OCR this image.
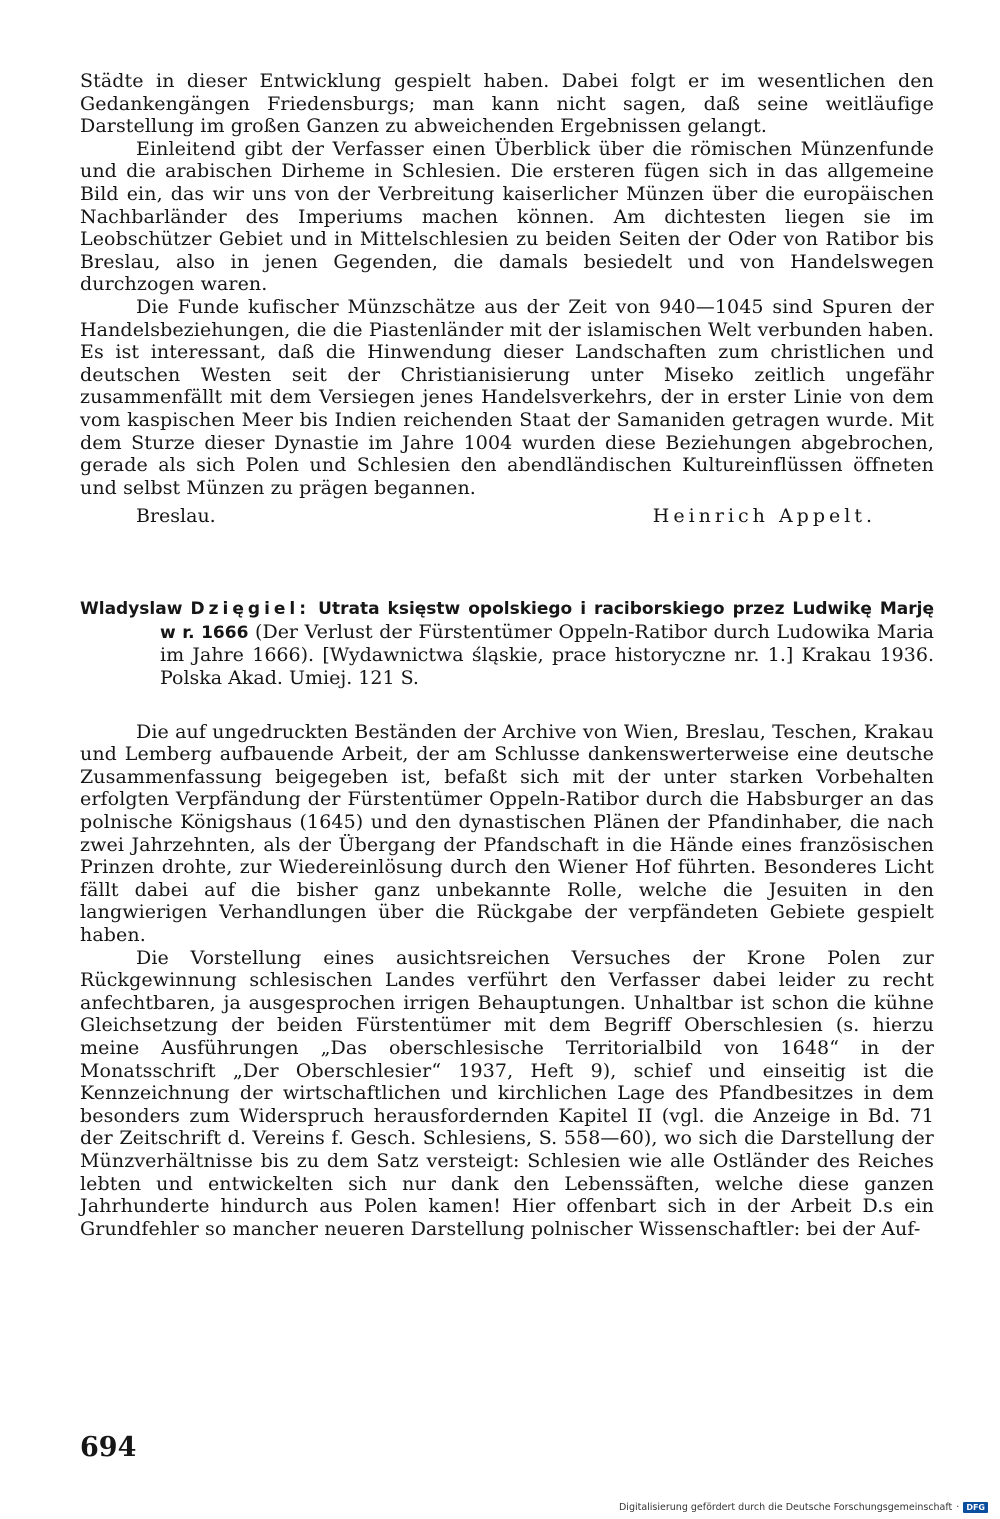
Städte in dieser Entwicklung gespielt haben. Dabei folgt er im wesentlichen den Gedankengängen Friedensburgs; man kann nicht sagen, daß seine weitläufige Darstellung im großen Ganzen zu abweichenden Ergebnissen gelangt.

Einleitend gibt der Verfasser einen Überblick über die römischen Münzenfunde und die arabischen Dirheme in Schlesien. Die ersteren fügen sich in das allgemeine Bild ein, das wir uns von der Verbreitung kaiserlicher Münzen über die europäischen Nachbarländer des Imperiums machen können. Am dichtesten liegen sie im Leobschützer Gebiet und in Mittelschlesien zu beiden Seiten der Oder von Ratibor bis Breslau, also in jenen Gegenden, die damals besiedelt und von Handelswegen durchzogen waren.

Die Funde kufischer Münzschätze aus der Zeit von 940—1045 sind Spuren der Handelsbeziehungen, die die Piastenländer mit der islamischen Welt verbunden haben. Es ist interessant, daß die Hinwendung dieser Landschaften zum christlichen und deutschen Westen seit der Christianisierung unter Miseko zeitlich ungefähr zusammenfällt mit dem Versiegen jenes Handelsverkehrs, der in erster Linie von dem vom kaspischen Meer bis Indien reichenden Staat der Samaniden getragen wurde. Mit dem Sturze dieser Dynastie im Jahre 1004 wurden diese Beziehungen abgebrochen, gerade als sich Polen und Schlesien den abendländischen Kultureinflüssen öffneten und selbst Münzen zu prägen begannen.

Breslau.	Heinrich Appelt.

Wladyslaw Dzięgiel: Utrata księstw opolskiego i raciborskiego przez Ludwikę Marję w r. 1666 (Der Verlust der Fürstentümer Oppeln-Ratibor durch Ludowika Maria im Jahre 1666). [Wydawnictwa śląskie, prace historyczne nr. 1.] Krakau 1936. Polska Akad. Umiej. 121 S.

Die auf ungedruckten Beständen der Archive von Wien, Breslau, Teschen, Krakau und Lemberg aufbauende Arbeit, der am Schlusse dankenswerterweise eine deutsche Zusammenfassung beigegeben ist, befaßt sich mit der unter starken Vorbehalten erfolgten Verpfändung der Fürstentümer Oppeln-Ratibor durch die Habsburger an das polnische Königshaus (1645) und den dynastischen Plänen der Pfandinhaber, die nach zwei Jahrzehnten, als der Übergang der Pfandschaft in die Hände eines französischen Prinzen drohte, zur Wiedereinlösung durch den Wiener Hof führten. Besonderes Licht fällt dabei auf die bisher ganz unbekannte Rolle, welche die Jesuiten in den langwierigen Verhandlungen über die Rückgabe der verpfändeten Gebiete gespielt haben.

Die Vorstellung eines ausichtsreichen Versuches der Krone Polen zur Rückgewinnung schlesischen Landes verführt den Verfasser dabei leider zu recht anfechtbaren, ja ausgesprochen irrigen Behauptungen. Unhaltbar ist schon die kühne Gleichsetzung der beiden Fürstentümer mit dem Begriff Oberschlesien (s. hierzu meine Ausführungen „Das oberschlesische Territorialbild von 1648“ in der Monatsschrift „Der Oberschlesier“ 1937, Heft 9), schief und einseitig ist die Kennzeichnung der wirtschaftlichen und kirchlichen Lage des Pfandbesitzes in dem besonders zum Widerspruch herausfordernden Kapitel II (vgl. die Anzeige in Bd. 71 der Zeitschrift d. Vereins f. Gesch. Schlesiens, S. 558—60), wo sich die Darstellung der Münzverhältnisse bis zu dem Satz versteigt: Schlesien wie alle Ostländer des Reiches lebten und entwickelten sich nur dank den Lebenssäften, welche diese ganzen Jahrhunderte hindurch aus Polen kamen! Hier offenbart sich in der Arbeit D.s ein Grundfehler so mancher neueren Darstellung polnischer Wissenschaftler: bei der Auf-

694
Digitalisierung gefördert durch die Deutsche Forschungsgemeinschaft · DFG
